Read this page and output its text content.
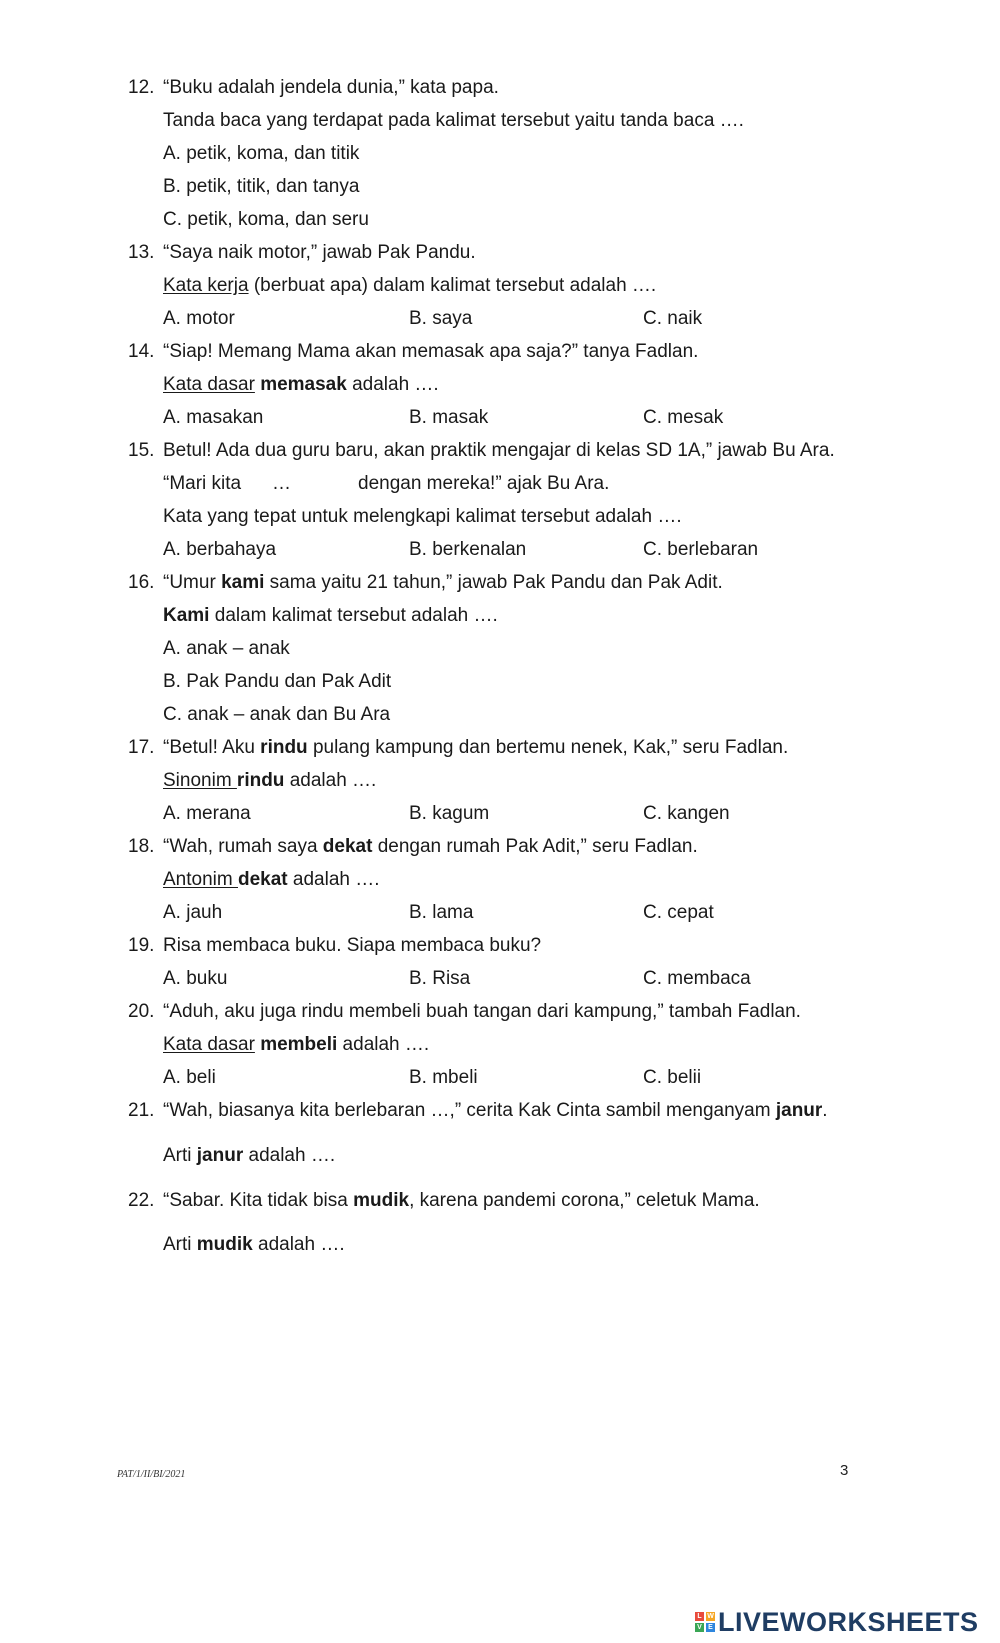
12. “Buku adalah jendela dunia,” kata papa.
Tanda baca yang terdapat pada kalimat tersebut yaitu tanda baca ….
A. petik, koma, dan titik
B. petik, titik, dan tanya
C. petik, koma, dan seru
13. “Saya naik motor,” jawab Pak Pandu.
Kata kerja (berbuat apa) dalam kalimat tersebut adalah ….
A. motor	B. saya	C. naik
14. “Siap! Memang Mama akan memasak apa saja?” tanya Fadlan.
Kata dasar memasak adalah ….
A. masakan	B. masak	C. mesak
15. Betul! Ada dua guru baru, akan praktik mengajar di kelas SD 1A,” jawab Bu Ara.
“Mari kita …	dengan mereka!” ajak Bu Ara.
Kata yang tepat untuk melengkapi kalimat tersebut adalah ….
A. berbahaya	B. berkenalan	C. berlebaran
16. “Umur kami sama yaitu 21 tahun,” jawab Pak Pandu dan Pak Adit.
Kami dalam kalimat tersebut adalah ….
A. anak – anak
B. Pak Pandu dan Pak Adit
C. anak – anak dan Bu Ara
17. “Betul! Aku rindu pulang kampung dan bertemu nenek, Kak,” seru Fadlan.
Sinonim rindu adalah ….
A. merana	B. kagum	C. kangen
18. “Wah, rumah saya dekat dengan rumah Pak Adit,” seru Fadlan.
Antonim dekat adalah ….
A. jauh	B. lama	C. cepat
19. Risa membaca buku. Siapa membaca buku?
A. buku	B. Risa	C. membaca
20. “Aduh, aku juga rindu membeli buah tangan dari kampung,” tambah Fadlan.
Kata dasar membeli adalah ….
A. beli	B. mbeli	C. belii
21. “Wah, biasanya kita berlebaran …,” cerita Kak Cinta sambil menganyam janur.
Arti janur adalah ….
22. “Sabar. Kita tidak bisa mudik, karena pandemi corona,” celetuk Mama.
Arti mudik adalah ….
PAT/1/II/BI/2021	3
L W
V E LIVEWORKSHEETS
